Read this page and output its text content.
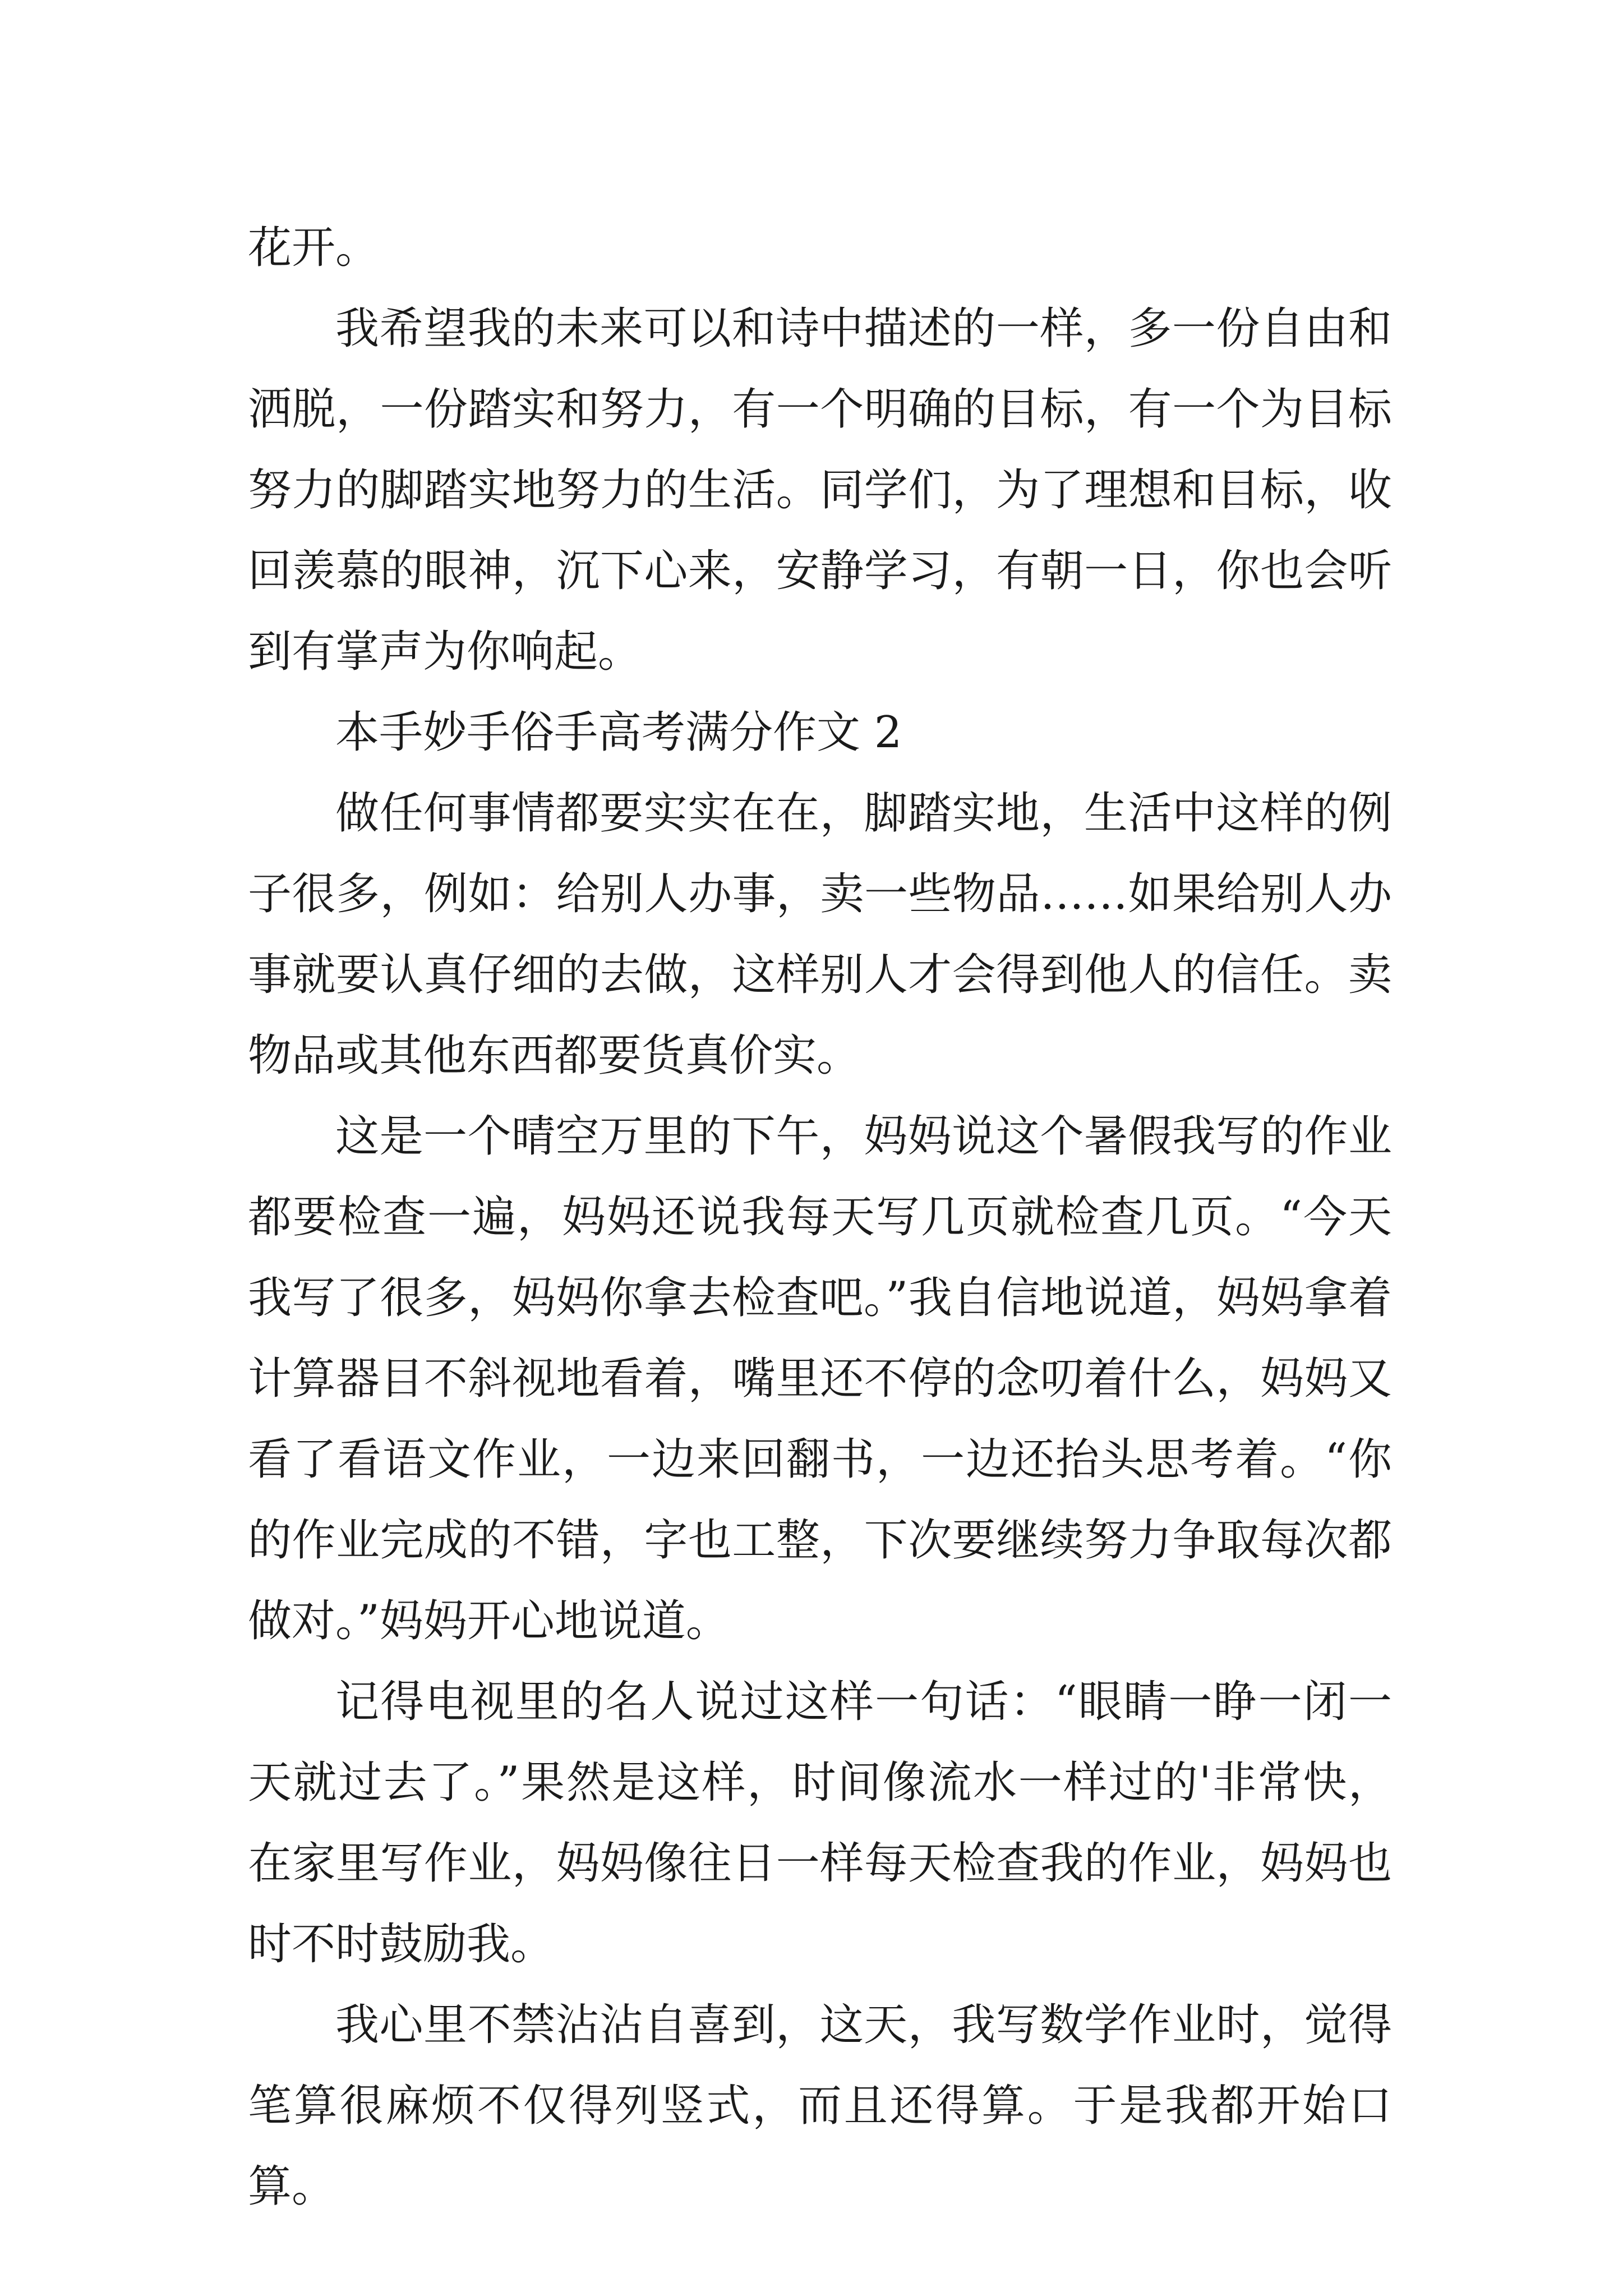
花开。

我希望我的未来可以和诗中描述的一样，多一份自由和洒脱，一份踏实和努力，有一个明确的目标，有一个为目标努力的脚踏实地努力的生活。同学们，为了理想和目标，收回羡慕的眼神，沉下心来，安静学习，有朝一日，你也会听到有掌声为你响起。

本手妙手俗手高考满分作文 2

做任何事情都要实实在在，脚踏实地，生活中这样的例子很多，例如：给别人办事，卖一些物品……如果给别人办事就要认真仔细的去做，这样别人才会得到他人的信任。卖物品或其他东西都要货真价实。

这是一个晴空万里的下午，妈妈说这个暑假我写的作业都要检查一遍，妈妈还说我每天写几页就检查几页。“今天我写了很多，妈妈你拿去检查吧。”我自信地说道，妈妈拿着计算器目不斜视地看着，嘴里还不停的念叨着什么，妈妈又看了看语文作业，一边来回翻书，一边还抬头思考着。“你的作业完成的不错，字也工整，下次要继续努力争取每次都做对。”妈妈开心地说道。

记得电视里的名人说过这样一句话：“眼睛一睁一闭一天就过去了。”果然是这样，时间像流水一样过的'非常快，在家里写作业，妈妈像往日一样每天检查我的作业，妈妈也时不时鼓励我。

我心里不禁沾沾自喜到，这天，我写数学作业时，觉得笔算很麻烦不仅得列竖式，而且还得算。于是我都开始口算。
